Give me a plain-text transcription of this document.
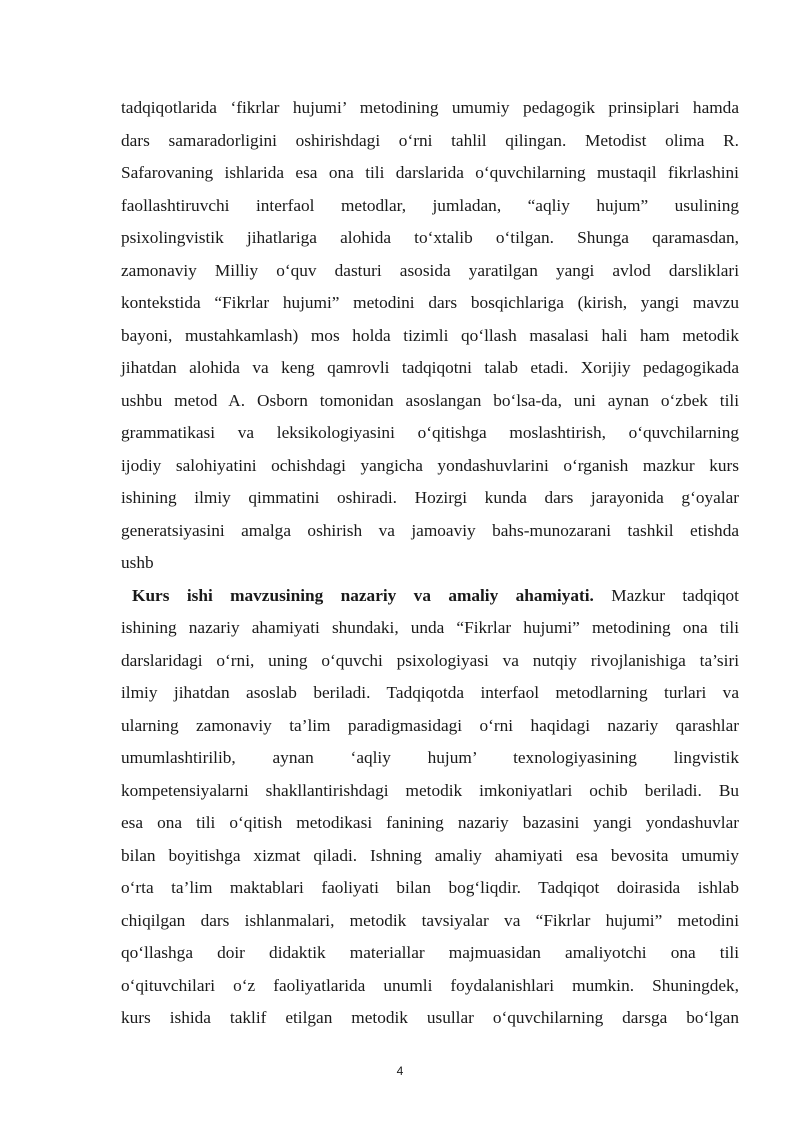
tadqiqotlarida ‘fikrlar hujumi’ metodining umumiy pedagogik prinsiplari hamda
dars samaradorligini oshirishdagi o‘rni tahlil qilingan. Metodist olima R.
Safarovaning ishlarida esa ona tili darslarida o‘quvchilarning mustaqil fikrlashini
faollashtiruvchi interfaol metodlar, jumladan, “aqliy hujum” usulining
psixolingvistik jihatlariga alohida to‘xtalib o‘tilgan. Shunga qaramasdan,
zamonaviy Milliy o‘quv dasturi asosida yaratilgan yangi avlod darsliklari
kontekstida “Fikrlar hujumi” metodini dars bosqichlariga (kirish, yangi mavzu
bayoni, mustahkamlash) mos holda tizimli qo‘llash masalasi hali ham metodik
jihatdan alohida va keng qamrovli tadqiqotni talab etadi. Xorijiy pedagogikada
ushbu metod A. Osborn tomonidan asoslangan bo‘lsa-da, uni aynan o‘zbek tili
grammatikasi va leksikologiyasini o‘qitishga moslashtirish, o‘quvchilarning
ijodiy salohiyatini ochishdagi yangicha yondashuvlarini o‘rganish mazkur kurs
ishining ilmiy qimmatini oshiradi. Hozirgi kunda dars jarayonida g‘oyalar
generatsiyasini amalga oshirish va jamoaviy bahs-munozarani tashkil etishda
ushb
Kurs ishi mavzusining nazariy va amaliy ahamiyati. Mazkur tadqiqot
ishining nazariy ahamiyati shundaki, unda “Fikrlar hujumi” metodining ona tili
darslaridagi o‘rni, uning o‘quvchi psixologiyasi va nutqiy rivojlanishiga ta’siri
ilmiy jihatdan asoslab beriladi. Tadqiqotda interfaol metodlarning turlari va
ularning zamonaviy ta’lim paradigmasidagi o‘rni haqidagi nazariy qarashlar
umumlashtirilib, aynan ‘aqliy hujum’ texnologiyasining lingvistik
kompetensiyalarni shakllantirishdagi metodik imkoniyatlari ochib beriladi. Bu
esa ona tili o‘qitish metodikasi fanining nazariy bazasini yangi yondashuvlar
bilan boyitishga xizmat qiladi. Ishning amaliy ahamiyati esa bevosita umumiy
o‘rta ta’lim maktablari faoliyati bilan bog‘liqdir. Tadqiqot doirasida ishlab
chiqilgan dars ishlanmalari, metodik tavsiyalar va “Fikrlar hujumi” metodini
qo‘llashga doir didaktik materiallar majmuasidan amaliyotchi ona tili
o‘qituvchilari o‘z faoliyatlarida unumli foydalanishlari mumkin. Shuningdek,
kurs ishida taklif etilgan metodik usullar o‘quvchilarning darsga bo‘lgan
4
